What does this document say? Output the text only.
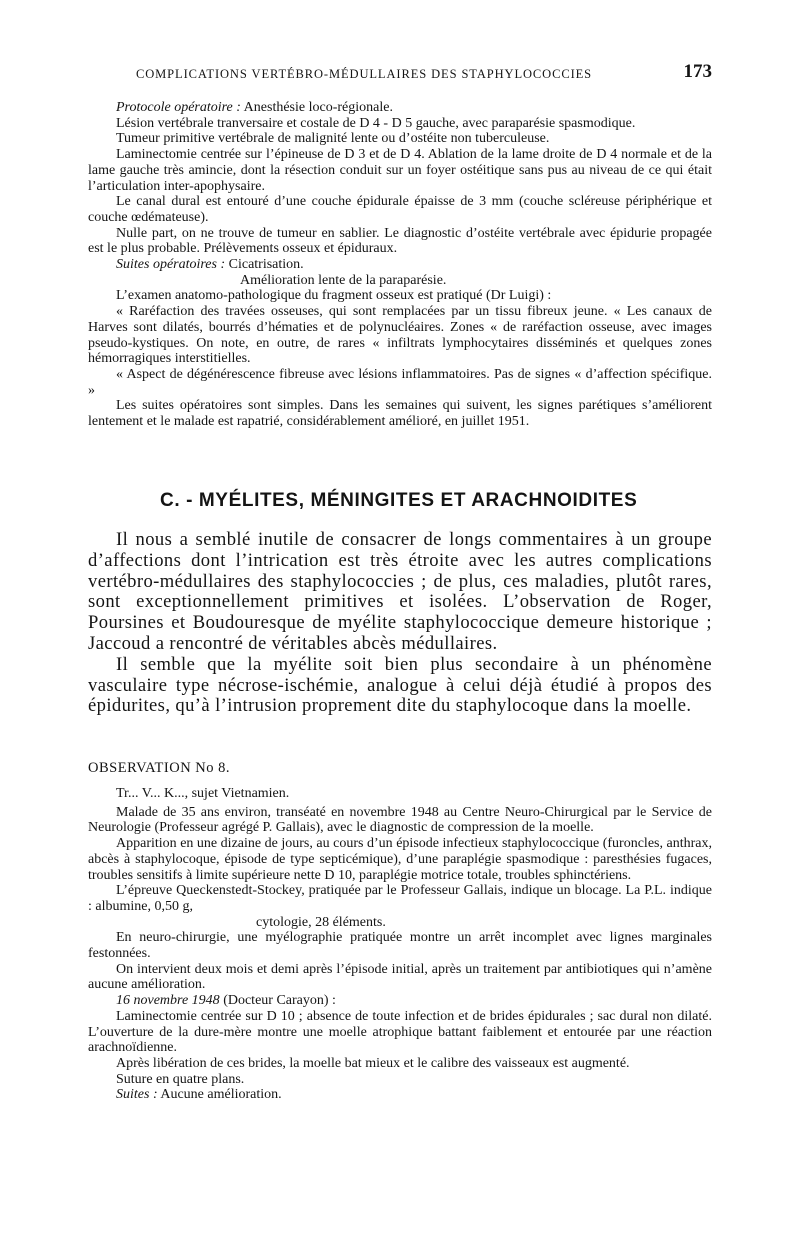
COMPLICATIONS VERTÉBRO-MÉDULLAIRES DES STAPHYLOCOCCIES	173

Protocole opératoire : Anesthésie loco-régionale.

Lésion vertébrale tranversaire et costale de D 4 - D 5 gauche, avec paraparésie spasmodique.

Tumeur primitive vertébrale de malignité lente ou d’ostéite non tuberculeuse.

Laminectomie centrée sur l’épineuse de D 3 et de D 4. Ablation de la lame droite de D 4 normale et de la lame gauche très amincie, dont la résection conduit sur un foyer ostéitique sans pus au niveau de ce qui était l’articulation inter-apophysaire.

Le canal dural est entouré d’une couche épidurale épaisse de 3 mm (couche scléreuse périphérique et couche œdémateuse).

Nulle part, on ne trouve de tumeur en sablier. Le diagnostic d’ostéite vertébrale avec épidurie propagée est le plus probable. Prélèvements osseux et épiduraux.

Suites opératoires : Cicatrisation.

Amélioration lente de la paraparésie.

L’examen anatomo-pathologique du fragment osseux est pratiqué (Dr Luigi) :

« Raréfaction des travées osseuses, qui sont remplacées par un tissu fibreux jeune. « Les canaux de Harves sont dilatés, bourrés d’hématies et de polynucléaires. Zones « de raréfaction osseuse, avec images pseudo-kystiques. On note, en outre, de rares « infiltrats lymphocytaires disséminés et quelques zones hémorragiques interstitielles.

« Aspect de dégénérescence fibreuse avec lésions inflammatoires. Pas de signes « d’affection spécifique. »

Les suites opératoires sont simples. Dans les semaines qui suivent, les signes parétiques s’améliorent lentement et le malade est rapatrié, considérablement amélioré, en juillet 1951.

C. - MYÉLITES, MÉNINGITES ET ARACHNOIDITES

Il nous a semblé inutile de consacrer de longs commentaires à un groupe d’affections dont l’intrication est très étroite avec les autres complications vertébro-médullaires des staphylococcies ; de plus, ces maladies, plutôt rares, sont exceptionnellement primitives et isolées. L’observation de Roger, Poursines et Boudouresque de myélite staphylococcique demeure historique ; Jaccoud a rencontré de véritables abcès médullaires.

Il semble que la myélite soit bien plus secondaire à un phénomène vasculaire type nécrose-ischémie, analogue à celui déjà étudié à propos des épidurites, qu’à l’intrusion proprement dite du staphylocoque dans la moelle.

OBSERVATION No 8.

Tr... V... K..., sujet Vietnamien.

Malade de 35 ans environ, transéaté en novembre 1948 au Centre Neuro-Chirurgical par le Service de Neurologie (Professeur agrégé P. Gallais), avec le diagnostic de compression de la moelle.

Apparition en une dizaine de jours, au cours d’un épisode infectieux staphylococcique (furoncles, anthrax, abcès à staphylocoque, épisode de type septicémique), d’une paraplégie spasmodique : paresthésies fugaces, troubles sensitifs à limite supérieure nette D 10, paraplégie motrice totale, troubles sphinctériens.

L’épreuve Queckenstedt-Stockey, pratiquée par le Professeur Gallais, indique un blocage. La P.L. indique : albumine, 0,50 g,

cytologie, 28 éléments.

En neuro-chirurgie, une myélographie pratiquée montre un arrêt incomplet avec lignes marginales festonnées.

On intervient deux mois et demi après l’épisode initial, après un traitement par antibiotiques qui n’amène aucune amélioration.

16 novembre 1948 (Docteur Carayon) :

Laminectomie centrée sur D 10 ; absence de toute infection et de brides épidurales ; sac dural non dilaté. L’ouverture de la dure-mère montre une moelle atrophique battant faiblement et entourée par une réaction arachnoïdienne.

Après libération de ces brides, la moelle bat mieux et le calibre des vaisseaux est augmenté.

Suture en quatre plans.

Suites : Aucune amélioration.
